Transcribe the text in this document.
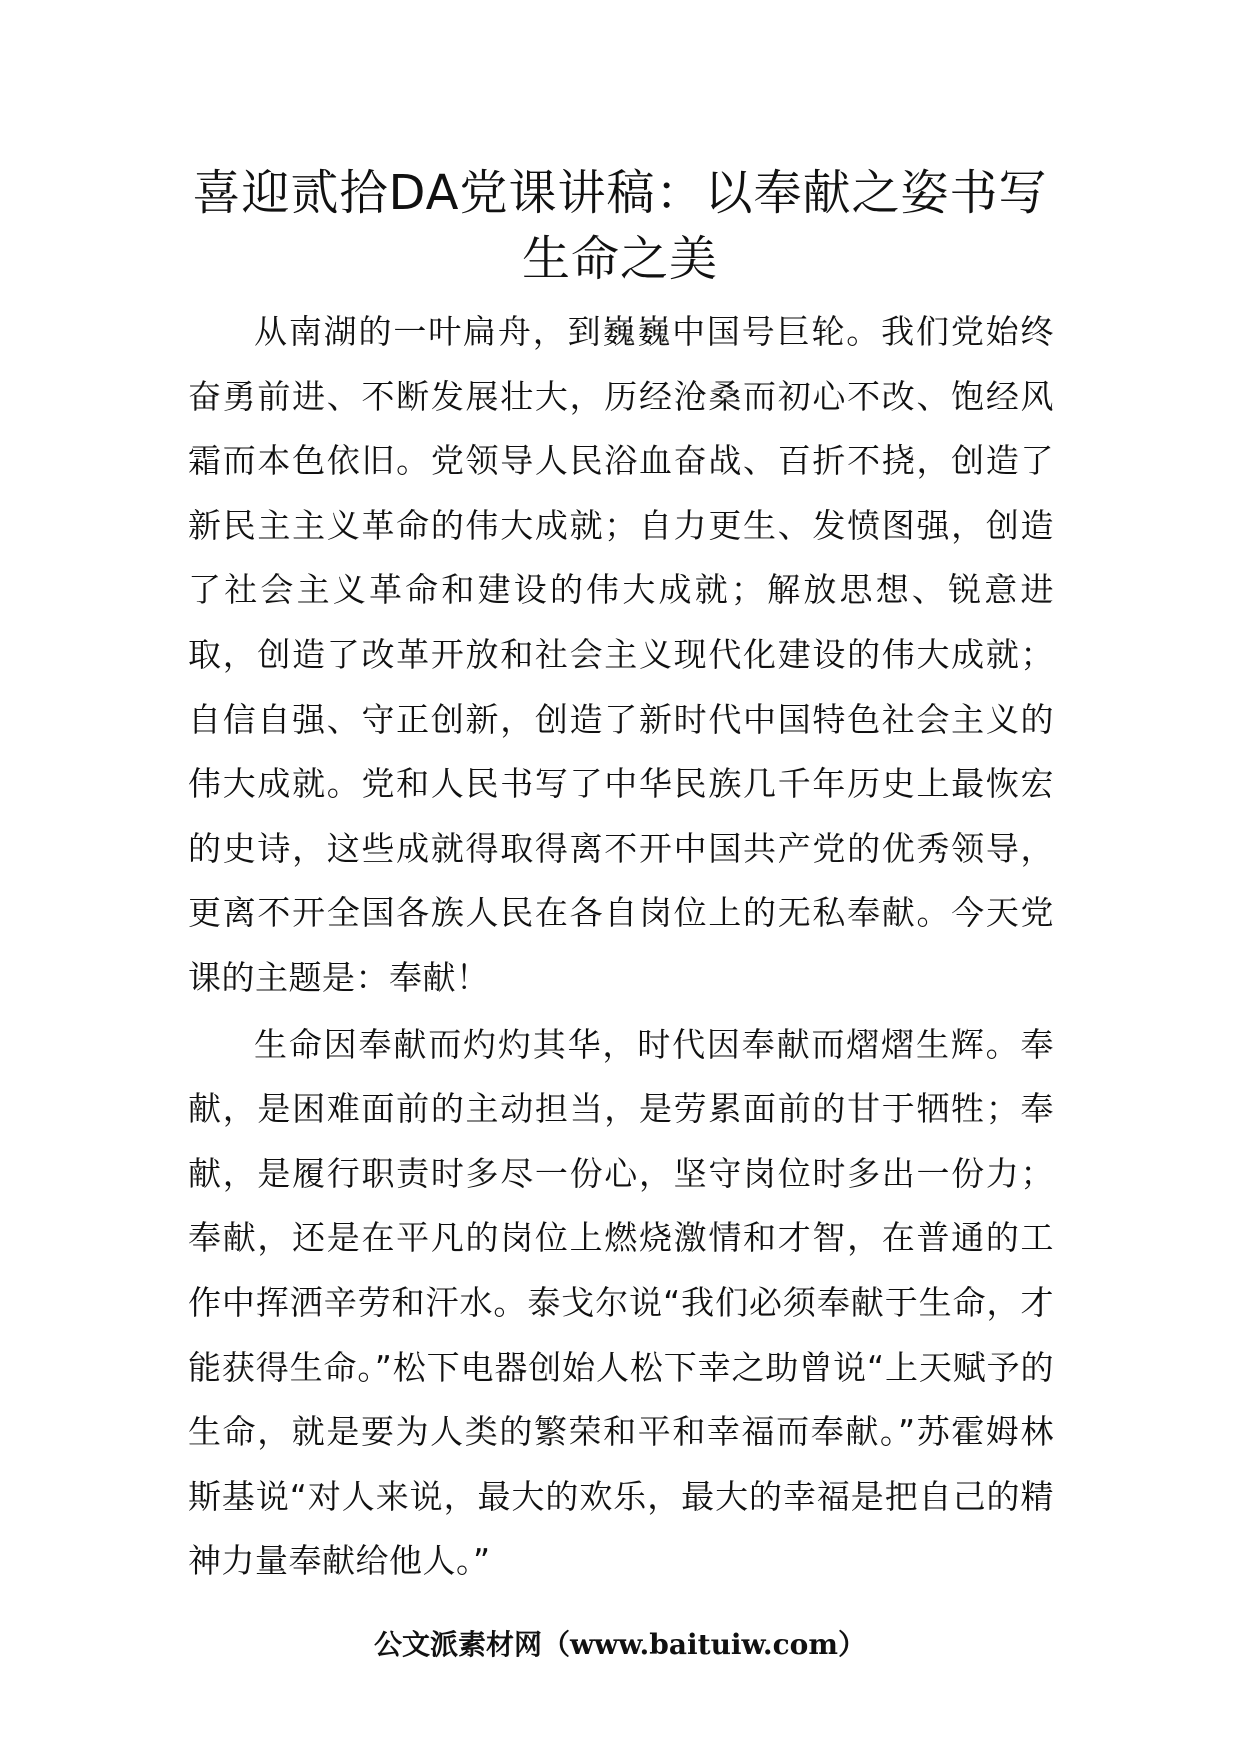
喜迎贰拾DA党课讲稿：以奉献之姿书写生命之美

从南湖的一叶扁舟，到巍巍中国号巨轮。我们党始终奋勇前进、不断发展壮大，历经沧桑而初心不改、饱经风霜而本色依旧。党领导人民浴血奋战、百折不挠，创造了新民主主义革命的伟大成就；自力更生、发愤图强，创造了社会主义革命和建设的伟大成就；解放思想、锐意进取，创造了改革开放和社会主义现代化建设的伟大成就；自信自强、守正创新，创造了新时代中国特色社会主义的伟大成就。党和人民书写了中华民族几千年历史上最恢宏的史诗，这些成就得取得离不开中国共产党的优秀领导，更离不开全国各族人民在各自岗位上的无私奉献。今天党课的主题是：奉献！

生命因奉献而灼灼其华，时代因奉献而熠熠生辉。奉献，是困难面前的主动担当，是劳累面前的甘于牺牲；奉献，是履行职责时多尽一份心，坚守岗位时多出一份力；奉献，还是在平凡的岗位上燃烧激情和才智，在普通的工作中挥洒辛劳和汗水。泰戈尔说“我们必须奉献于生命，才能获得生命。”松下电器创始人松下幸之助曾说“上天赋予的生命，就是要为人类的繁荣和平和幸福而奉献。”苏霍姆林斯基说“对人来说，最大的欢乐，最大的幸福是把自己的精神力量奉献给他人。”

公文派素材网（www.baituiw.com）
